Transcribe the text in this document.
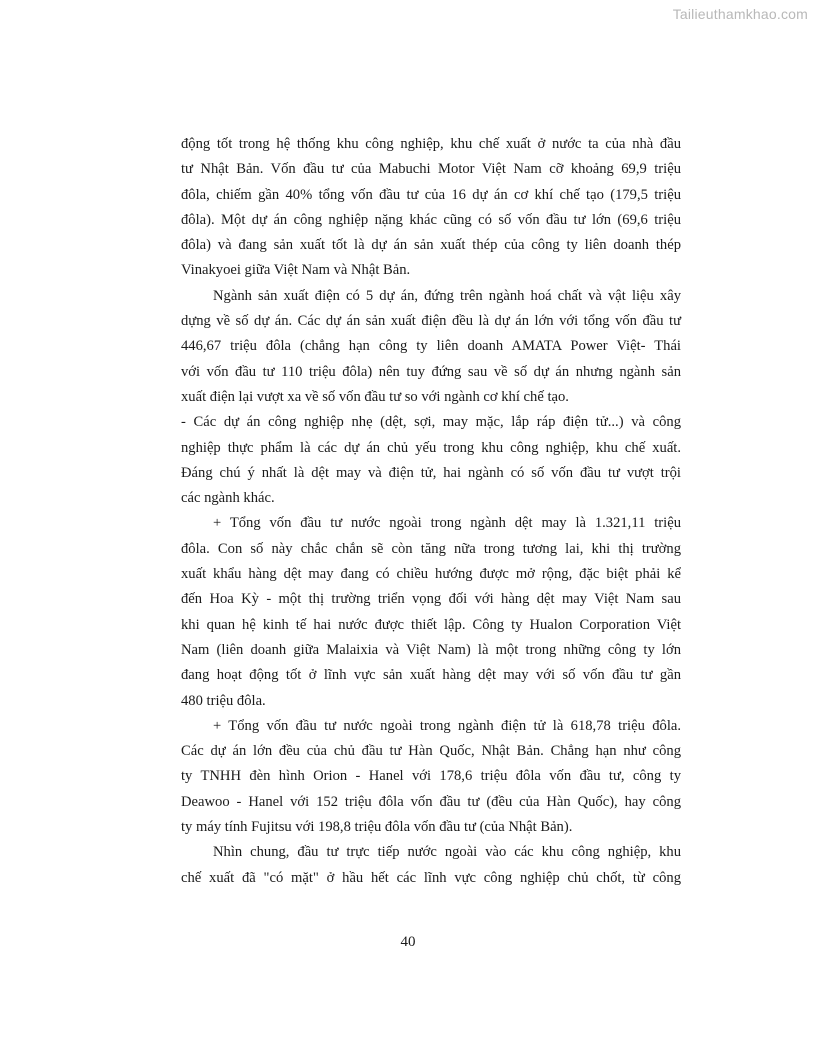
Tailieuthamkhao.com
động tốt trong hệ thống khu công nghiệp, khu chế xuất ở nước ta của nhà đầu
tư Nhật Bản. Vốn đầu tư của Mabuchi Motor Việt Nam cỡ khoảng 69,9 triệu
đôla, chiếm gần 40% tổng vốn đầu tư của 16 dự án cơ khí chế tạo (179,5 triệu
đôla). Một dự án công nghiệp nặng khác cũng có số vốn đầu tư lớn (69,6 triệu
đôla) và đang sản xuất tốt là dự án sản xuất thép của công ty liên doanh thép
Vinakyoei giữa Việt Nam và Nhật Bản.
Ngành sản xuất điện có 5 dự án, đứng trên ngành hoá chất và vật liệu xây
dựng về số dự án. Các dự án sản xuất điện đều là dự án lớn với tổng vốn đầu tư
446,67 triệu đôla (chẳng hạn công ty liên doanh AMATA Power Việt- Thái
với vốn đầu tư 110 triệu đôla) nên tuy đứng sau về số dự án nhưng ngành sản
xuất điện lại vượt xa về số vốn đầu tư so với ngành cơ khí chế tạo.
- Các dự án công nghiệp nhẹ (dệt, sợi, may mặc, lắp ráp điện tử...) và công
nghiệp thực phẩm là các dự án chủ yếu trong khu công nghiệp, khu chế xuất.
Đáng chú ý nhất là dệt may và điện tử, hai ngành có số vốn đầu tư vượt trội
các ngành khác.
+ Tổng vốn đầu tư nước ngoài trong ngành dệt may là 1.321,11 triệu
đôla. Con số này chắc chắn sẽ còn tăng nữa trong tương lai, khi thị trường
xuất khẩu hàng dệt may đang có chiều hướng được mở rộng, đặc biệt phải kể
đến Hoa Kỳ - một thị trường triển vọng đối với hàng dệt may Việt Nam sau
khi quan hệ kinh tế hai nước được thiết lập. Công ty Hualon Corporation Việt
Nam (liên doanh giữa Malaixia và Việt Nam) là một trong những công ty lớn
đang hoạt động tốt ở lĩnh vực sản xuất hàng dệt may với số vốn đầu tư gần
480 triệu đôla.
+ Tổng vốn đầu tư nước ngoài trong ngành điện tử là 618,78 triệu đôla.
Các dự án lớn đều của chủ đầu tư Hàn Quốc, Nhật Bản. Chẳng hạn như công
ty TNHH đèn hình Orion - Hanel với 178,6 triệu đôla vốn đầu tư, công ty
Deawoo - Hanel với 152 triệu đôla vốn đầu tư (đều của Hàn Quốc), hay công
ty máy tính Fujitsu với 198,8 triệu đôla vốn đầu tư (của Nhật Bản).
Nhìn chung, đầu tư trực tiếp nước ngoài vào các khu công nghiệp, khu
chế xuất đã "có mặt" ở hầu hết các lĩnh vực công nghiệp chủ chốt, từ công
40
